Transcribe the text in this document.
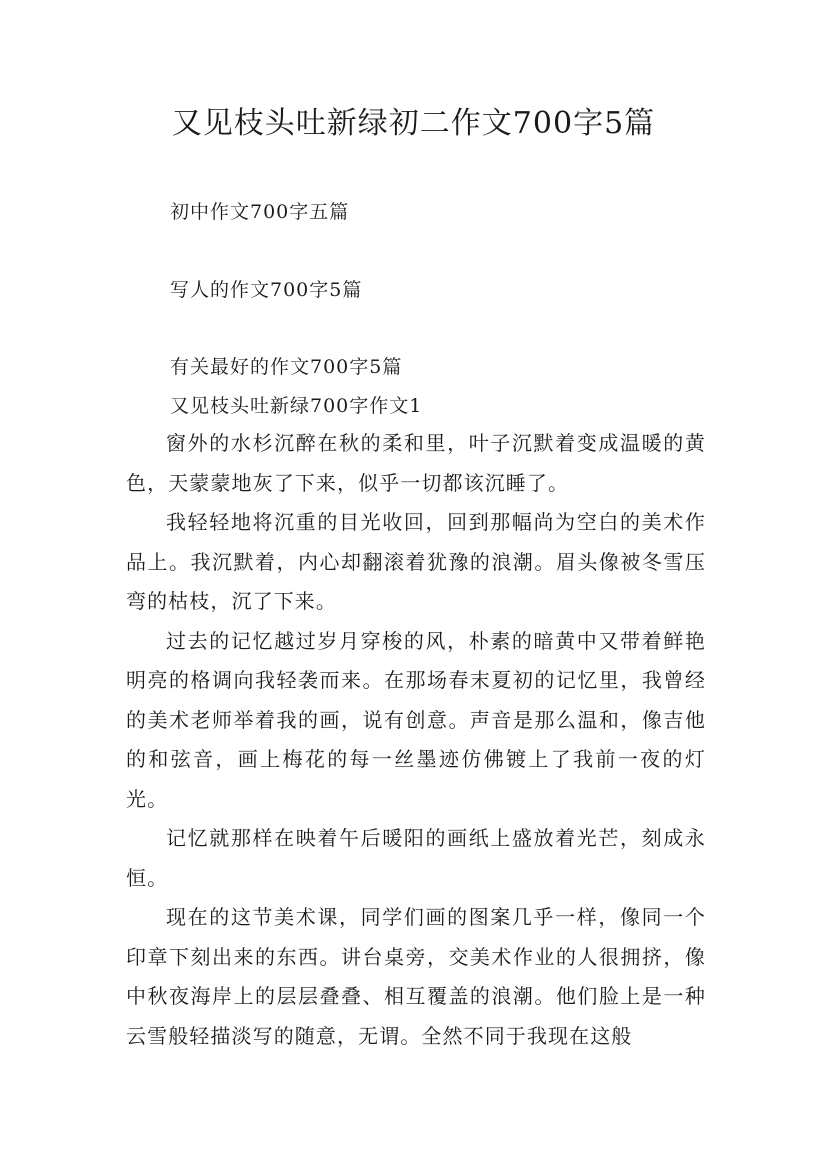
又见枝头吐新绿初二作文700字5篇

初中作文700字五篇

写人的作文700字5篇

有关最好的作文700字5篇

又见枝头吐新绿700字作文1

窗外的水杉沉醉在秋的柔和里，叶子沉默着变成温暖的黄色，天蒙蒙地灰了下来，似乎一切都该沉睡了。

我轻轻地将沉重的目光收回，回到那幅尚为空白的美术作品上。我沉默着，内心却翻滚着犹豫的浪潮。眉头像被冬雪压弯的枯枝，沉了下来。

过去的记忆越过岁月穿梭的风，朴素的暗黄中又带着鲜艳明亮的格调向我轻袭而来。在那场春末夏初的记忆里，我曾经的美术老师举着我的画，说有创意。声音是那么温和，像吉他的和弦音，画上梅花的每一丝墨迹仿佛镀上了我前一夜的灯光。

记忆就那样在映着午后暖阳的画纸上盛放着光芒，刻成永恒。

现在的这节美术课，同学们画的图案几乎一样，像同一个印章下刻出来的东西。讲台桌旁，交美术作业的人很拥挤，像中秋夜海岸上的层层叠叠、相互覆盖的浪潮。他们脸上是一种云雪般轻描淡写的随意，无谓。全然不同于我现在这般
